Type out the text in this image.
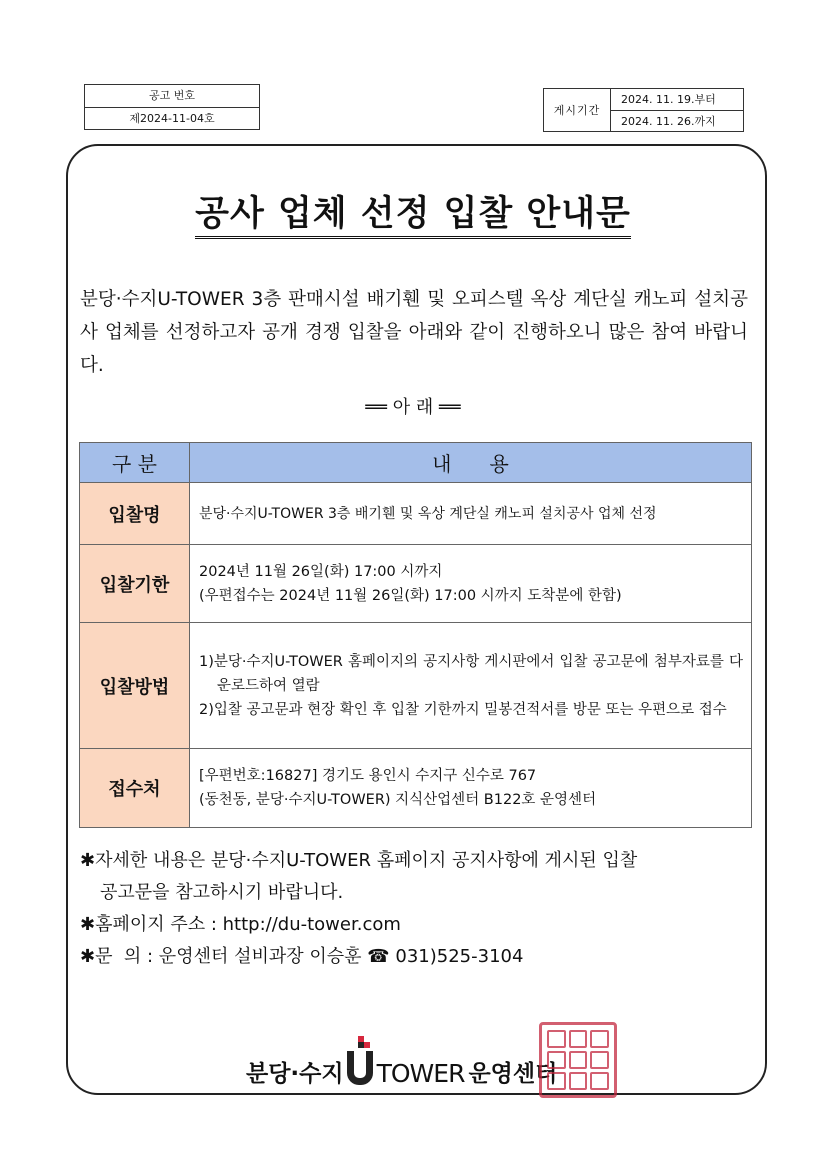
공고 번호
제2024-11-04호
게시기간
2024. 11. 19.부터
2024. 11. 26.까지
공사 업체 선정 입찰 안내문

분당·수지U-TOWER 3층 판매시설 배기휀 및 오피스텔 옥상 계단실 캐노피 설치공사 업체를 선정하고자 공개 경쟁 입찰을 아래와 같이 진행하오니 많은 참여 바랍니다.

══ 아 래 ══
구 분	내      용
입찰명	분당·수지U-TOWER 3층 배기휀 및 옥상 계단실 캐노피 설치공사 업체 선정

입찰기한	2024년 11월 26일(화) 17:00 시까지
(우편접수는 2024년 11월 26일(화) 17:00 시까지 도착분에 한함)

입찰방법	1)분당·수지U-TOWER 홈페이지의 공지사항 게시판에서 입찰 공고문에 첨부자료를 다운로드하여 열람
2)입찰 공고문과 현장 확인 후 입찰 기한까지 밀봉견적서를 방문 또는 우편으로 접수

접수처	[우편번호:16827] 경기도 용인시 수지구 신수로 767
(동천동, 분당·수지U-TOWER) 지식산업센터 B122호 운영센터
✱자세한 내용은 분당·수지U-TOWER 홈페이지 공지사항에 게시된 입찰
공고문을 참고하시기 바랍니다.
✱홈페이지 주소 : http://du-tower.com
✱문  의 : 운영센터 설비과장 이승훈 ☎ 031)525-3104
분당·수지 TOWER 운영센터
